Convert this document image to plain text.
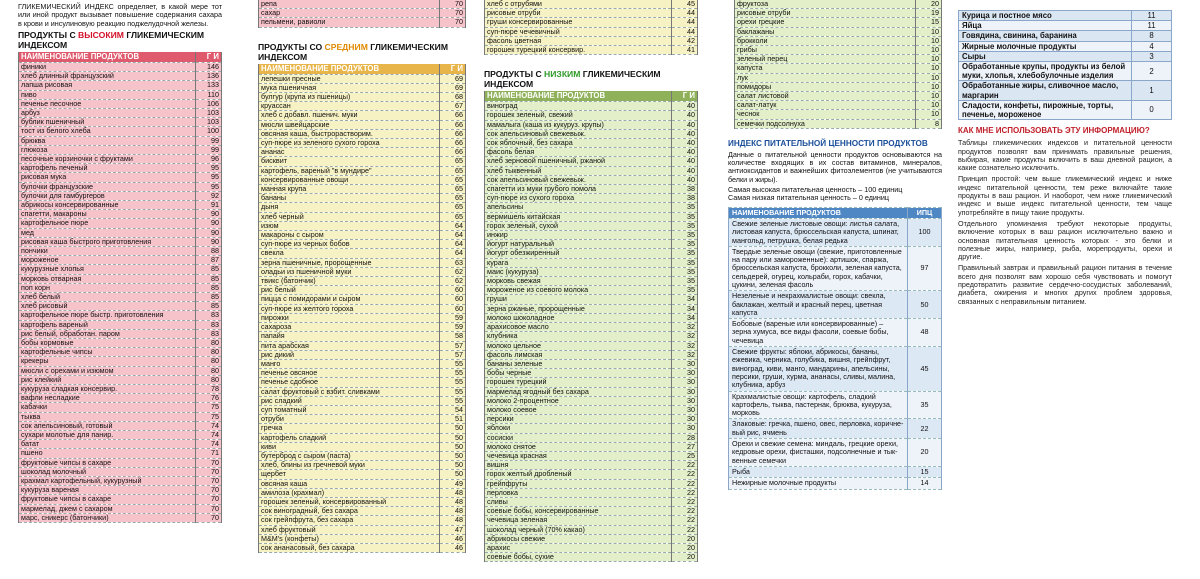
ГЛИКЕМИЧЕСКИЙ ИНДЕКС определяет, в какой мере тот или иной продукт вызывает повышение содержания сахара в крови и инсулиновую реакцию поджелудочной железы.

ПРОДУКТЫ С ВЫСОКИМ ГЛИКЕМИЧЕСКИМ ИНДЕКСОМ
НАИМЕНОВАНИЕ ПРОДУКТОВ	Г И
финики	146
хлеб длинный французский	136
лапша рисовая	133
пиво	110
печенье песочное	106
арбуз	103
бублик пшеничный	103
тост из белого хлеба	100
брюква	99
глюкоза	99
песочные корзиночки с фруктами	96
картофель печеный	95
рисовая мука	95
булочки французские	95
булочки для гамбургеров	92
абрикосы консервированные	91
спагетти, макароны	90
картофельное пюре	90
мед	90
рисовая каша быстрого приготовления	90
пончики	88
мороженое	87
кукурузные хлопья	85
морковь отварная	85
поп корн	85
хлеб белый	85
хлеб рисовый	85
картофельное пюре быстр. приготовления	83
картофель вареный	83
рис белый, обработан. паром	83
бобы кормовые	80
картофельные чипсы	80
крекеры	80
мюсли с орехами и изюмом	80
рис клейкий	80
кукуруза сладкая консервир.	78
вафли несладкие	76
кабачки	75
тыква	75
сок апельсиновый, готовый	74
сухари молотые для панир.	74
батат	74
пшено	71
фруктовые чипсы в сахаре	70
шоколад молочный	70
крахмал картофельный, кукурузный	70
кукуруза вареная	70
фруктовые чипсы в сахаре	70
мармелад, джем с сахаром	70
марс, сникерс (батончики)	70
репа	70
сахар	70
пельмени, равиоли	70
ПРОДУКТЫ СО СРЕДНИМ ГЛИКЕМИЧЕСКИМ ИНДЕКСОМ
НАИМЕНОВАНИЕ ПРОДУКТОВ	Г И
лепешки пресные	69
мука пшеничная	69
булгур (крупа из пшеницы)	68
круассан	67
хлеб с добавл. пшенич. муки	66
мюсли швейцарские	66
овсяная каша, быстрорастворим.	66
суп-пюре из зеленого сухого гороха	66
ананас	66
бисквит	65
картофель, вареный "в мундире"	65
консервированные овощи	65
манная крупа	65
бананы	65
дыня	65
хлеб черный	65
изюм	64
макароны с сыром	64
суп-пюре из черных бобов	64
свекла	64
зерна пшеничные, пророщенные	63
оладьи из пшеничной муки	62
твикс (батончик)	62
рис белый	60
пицца с помидорами и сыром	60
суп-пюре из желтого гороха	60
пирожки	59
сахароза	59
папайя	58
пита арабская	57
рис дикий	57
манго	55
печенье овсяное	55
печенье сдобное	55
салат фруктовый с взбит. сливками	55
рис сладкий	55
суп томатный	54
отруби	51
гречка	50
картофель сладкий	50
киви	50
бутерброд с сыром (паста)	50
хлеб, блины из гречневой муки	50
щербет	50
овсяная каша	49
амилоза (крахмал)	48
горошек зеленый, консервированный	48
сок виноградный, без сахара	48
сок грейпфрута, без сахара	48
хлеб фруктовый	47
М&М's (конфеты)	46
сок ананасовый, без сахара	46
хлеб с отрубями	45
рисовые отруби	44
груши консервированные	44
суп-пюре чечевичный	44
фасоль цветная	42
горошек турецкий консервир.	41
ПРОДУКТЫ С НИЗКИМ ГЛИКЕМИЧЕСКИМ ИНДЕКСОМ
НАИМЕНОВАНИЕ ПРОДУКТОВ	Г И
виноград	40
горошек зеленый, свежий	40
мамалыга (каша из кукуруз. крупы)	40
сок апельсиновый свежевыж.	40
сок яблочный, без сахара	40
фасоль белая	40
хлеб зерновой пшеничный, ржаной	40
хлеб тыквенный	40
сок апельсиновый свежевыж.	40
спагетти из муки грубого помола	38
суп-пюре из сухого гороха	38
апельсины	35
вермишель китайская	35
горох зеленый, сухой	35
инжир	35
йогурт натуральный	35
йогурт обезжиренный	35
курага	35
маис (кукуруза)	35
морковь свежая	35
мороженое из соевого молока	35
груши	34
зерна ржаные, пророщенные	34
молоко шоколадное	34
арахисовое масло	32
клубника	32
молоко цельное	32
фасоль лимская	32
бананы зеленые	30
бобы черные	30
горошек турецкий	30
мармелад ягодный без сахара	30
молоко 2-процентное	30
молоко соевое	30
персики	30
яблоки	30
сосиски	28
молоко снятое	27
чечевица красная	25
вишня	22
горох желтый дробленый	22
грейпфруты	22
перловка	22
сливы	22
соевые бобы, консервированные	22
чечевица зеленая	22
шоколад черный (70% какао)	22
абрикосы свежие	20
арахис	20
соевые бобы, сухие	20
фруктоза	20
рисовые отруби	19
орехи грецкие	15
баклажаны	10
брокколи	10
грибы	10
зеленый перец	10
капуста	10
лук	10
помидоры	10
салат листовой	10
салат-латук	10
чеснок	10
семечки подсолнуха	8
ИНДЕКС ПИТАТЕЛЬНОЙ ЦЕННОСТИ ПРОДУКТОВ

Данные о питательной ценности продуктов основываются на количестве входящих в их состав витаминов, минералов, антиоксидантов и важнейших фитоэлементов (не учитываются белки и жиры).

Самая высокая питательная ценность – 100 единиц

Самая низкая питательная ценность – 0 единиц

НАИМЕНОВАНИЕ ПРОДУКТОВ	ИПЦ
Свежие зеленые листовые овощи: листья салата, листовая капуста, брюссельская капуста, шпинат, мангольд, петрушка, белая редька	100
Твердые зеленые овощи (свежие, приготовленные на пару или замороженные): артишок, спаржа, брюссельская капуста, брокколи, зеленая капуста, сельдерей, огурец, кольраби, горох, кабачки, цукини, зеленая фасоль	97
Незеленые и некрахмалистые овощи: свекла, баклажан, желтый и красный перец, цветная капуста	50
Бобовые (вареные или консервированные) – зерна хумуса, все виды фасоли, соевые бобы, чечевица	48
Свежие фрукты: яблоки, абрикосы, бананы, ежевика, черника, голубика, вишня, грейпфрут, виноград, киви, манго, мандарины, апельсины, персики, груши, хурма, ананасы, сливы, малина, клубника, арбуз	45
Крахмалистые овощи: картофель, сладкий картофель, тыква, пастернак, брюква, кукуруза, морковь	35
Злаковые: гречка, пшено, овес, перловка, коричне-вый рис, ячмень	22
Орехи и свежие семена: миндаль, грецкие орехи, кедровые орехи, фисташки, подсолнечные и тык-венные семечки	20
Рыба	15
Нежирные молочные продукты	14
Курица и постное мясо	11
Яйца	11
Говядина, свинина, баранина	8
Жирные молочные продукты	4
Сыры	3
Обработанные крупы, продукты из белой муки, хлопья, хлебобулочные изделия	2
Обработанные жиры, сливочное масло, маргарин	1
Сладости, конфеты, пирожные, торты, печенье, мороженое	0
КАК МНЕ ИСПОЛЬЗОВАТЬ ЭТУ ИНФОРМАЦИЮ?

Таблицы гликемических индексов и питательной ценности продуктов позволят вам принимать правильные решения, выбирая, какие продукты включить в ваш дневной рацион, а какие сознательно исключить.

Принцип простой: чем выше гликемический индекс и ниже индекс питательной ценности, тем реже включайте такие продукты в ваш рацион. И наоборот, чем ниже гликемический индекс и выше индекс питательной ценности, тем чаще употребляйте в пищу такие продукты.

Отдельного упоминания требуют некоторые продукты, включение которых в ваш рацион исключительно важно и основная питательная ценность которых - это белки и полезные жиры, например, рыба, морепродукты, орехи и другие.

Правильный завтрак и правильный рацион питания в течение всего дня позволят вам хорошо себя чувствовать и помогут предотвратить развитие сердечно-сосудистых заболеваний, диабета, ожирения и многих других проблем здоровья, связанных с неправильным питанием.
